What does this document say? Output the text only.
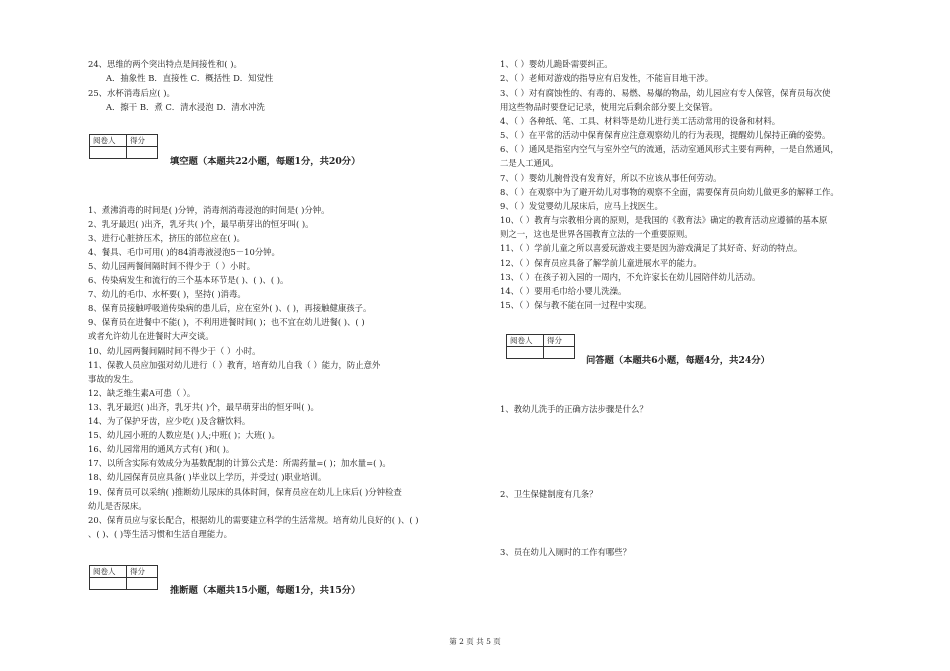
24、思维的两个突出特点是间接性和( )。
A．抽象性 B．直接性 C．概括性 D．知觉性
25、水杯消毒后应( )。
A．擦干 B．煮 C．清水浸泡 D．清水冲洗
阅卷人	得分

填空题（本题共22小题，每题1分，共20分）
1、煮沸消毒的时间是( )分钟，消毒剂消毒浸泡的时间是( )分钟。
2、乳牙最迟( )出齐，乳牙共( )个，最早萌芽出的恒牙叫( )。
3、进行心脏挤压术，挤压的部位应在( )。
4、餐具、毛巾可用( )的84消毒液浸泡5－10分钟。
5、幼儿园两餐间隔时间不得少于（ ）小时。
6、传染病发生和流行的三个基本环节是( )、( )、( )。
7、幼儿的毛巾、水杯要( )，坚持( )消毒。
8、保育员接触呼吸道传染病的患儿后，应在室外( )、( )，再接触健康孩子。
9、保育员在进餐中不能( )，不利用进餐时间( )；也不宜在幼儿进餐( )、( )
或者允许幼儿在进餐时大声交谈。
10、幼儿园两餐间隔时间不得少于（ ）小时。
11、保教人员应加强对幼儿进行（ ）教育，培育幼儿自我（ ）能力，防止意外
事故的发生。
12、缺乏维生素A可患（ ）。
13、乳牙最迟( )出齐，乳牙共( )个，最早萌芽出的恒牙叫( )。
14、为了保护牙齿，应少吃( )及含糖饮料。
15、幼儿园小班的人数应是( )人;中班( )；大班( )。
16、幼儿园常用的通风方式有( )和( )。
17、以所含实际有效成分为基数配制的计算公式是：所需药量=( )；加水量=( )。
18、幼儿园保育员应具备( )毕业以上学历，并受过( )职业培训。
19、保育员可以采纳( )推断幼儿尿床的具体时间，保育员应在幼儿上床后( )分钟检查
幼儿是否尿床。
20、保育员应与家长配合，根据幼儿的需要建立科学的生活常规。培育幼儿良好的( )、( )
、( )、( )等生活习惯和生活自理能力。
阅卷人	得分

推断题（本题共15小题，每题1分，共15分）
1、（ ）婴幼儿跪卧需要纠正。
2、（ ）老师对游戏的指导应有启发性，不能盲目地干涉。
3、（ ）对有腐蚀性的、有毒的、易燃、易爆的物品，幼儿园应有专人保管，保育员每次使
用这些物品时要登记记录，使用完后剩余部分要上交保管。
4、（ ）各种纸、笔、工具、材料等是幼儿进行美工活动常用的设备和材料。
5、（ ）在平常的活动中保育保育应注意观察幼儿的行为表现，提醒幼儿保持正确的姿势。
6、（ ）通风是指室内空气与室外空气的流通，活动室通风形式主要有两种，一是自然通风，
二是人工通风。
7、（ ）婴幼儿腕骨没有发育好，所以不应该从事任何劳动。
8、（ ）在观察中为了避开幼儿对事物的观察不全面，需要保育员向幼儿做更多的解释工作。
9、（ ）发觉婴幼儿尿床后，应马上找医生。
10、（ ）教育与宗教相分离的原则，是我国的《教育法》确定的教育活动应遵循的基本原
则之一，这也是世界各国教育立法的一个重要原则。
11、（ ）学前儿童之所以喜爱玩游戏主要是因为游戏满足了其好奇、好动的特点。
12、（ ）保育员应具备了解学前儿童进展水平的能力。
13、（ ）在孩子初入园的一周内，不允许家长在幼儿园陪伴幼儿活动。
14、（ ）要用毛巾给小婴儿洗澡。
15、（ ）保与教不能在同一过程中实现。
阅卷人	得分

问答题（本题共6小题，每题4分，共24分）
1、教幼儿洗手的正确方法步骤是什么？
2、卫生保健制度有几条？
3、员在幼儿入厕时的工作有哪些？
第 2 页 共 5 页
